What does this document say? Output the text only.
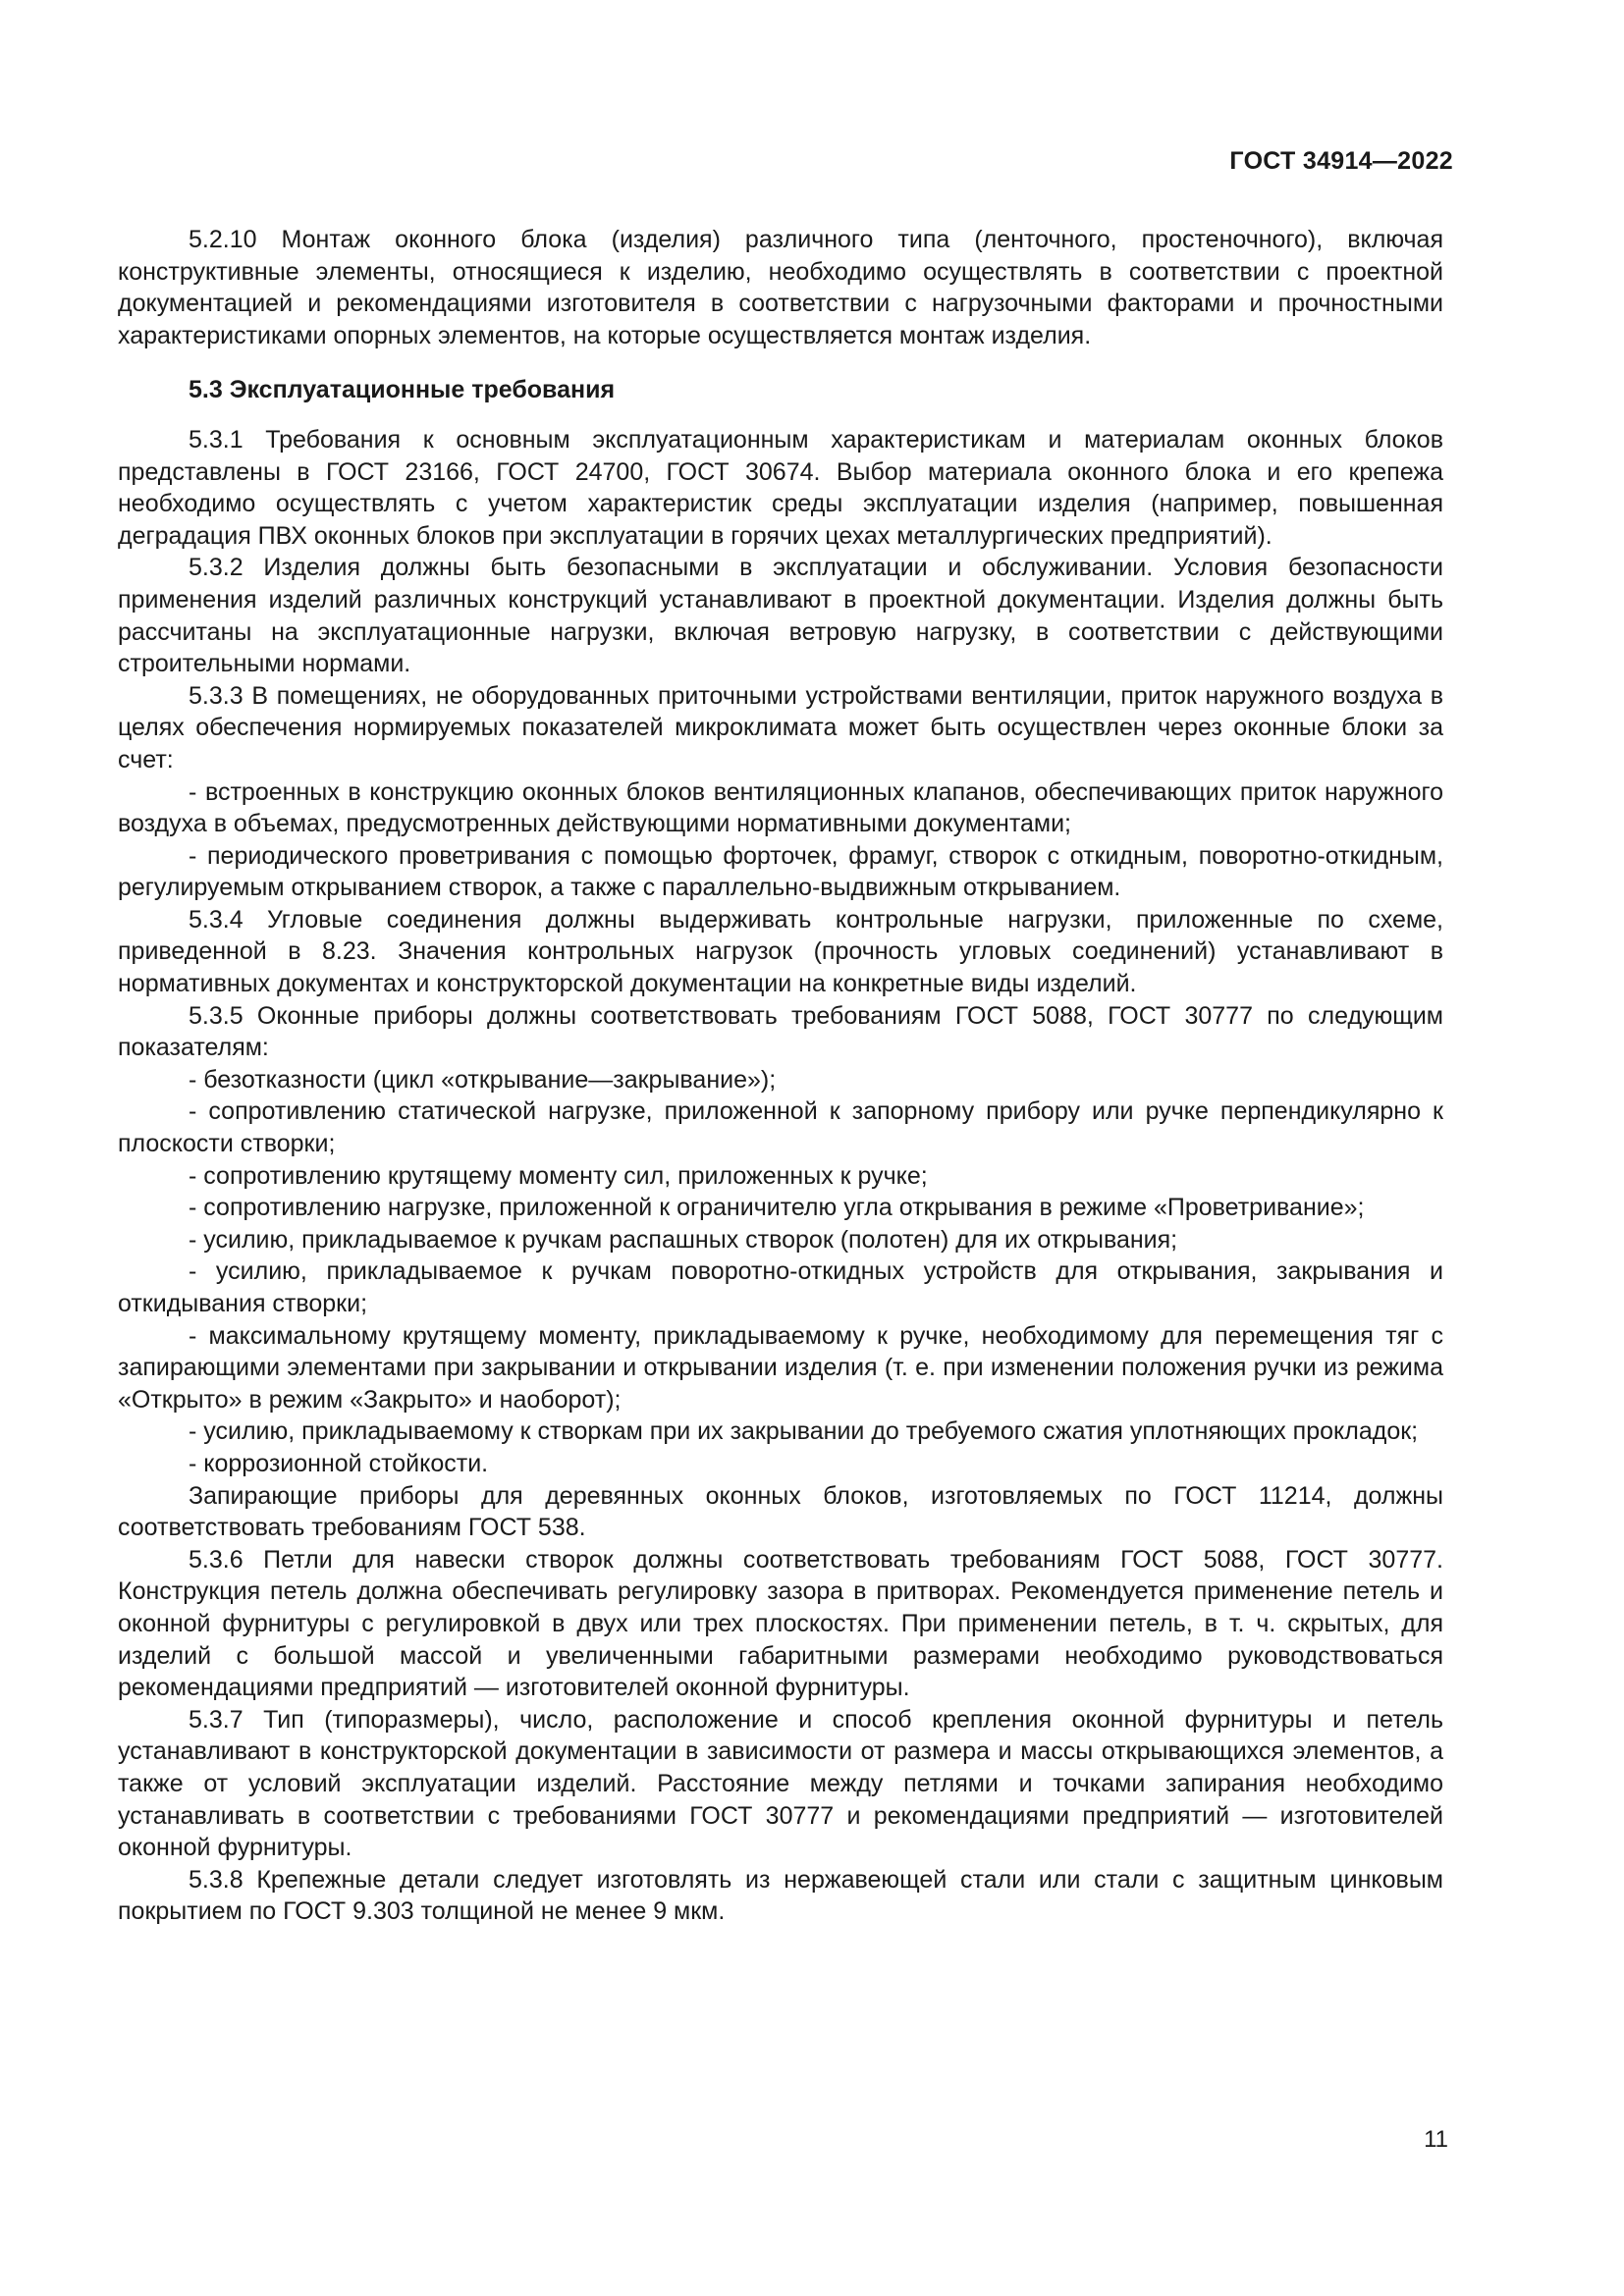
ГОСТ 34914—2022

5.2.10 Монтаж оконного блока (изделия) различного типа (ленточного, простеночного), включая конструктивные элементы, относящиеся к изделию, необходимо осуществлять в соответствии с проектной документацией и рекомендациями изготовителя в соответствии с нагрузочными факторами и прочностными характеристиками опорных элементов, на которые осуществляется монтаж изделия.

5.3 Эксплуатационные требования

5.3.1 Требования к основным эксплуатационным характеристикам и материалам оконных блоков представлены в ГОСТ 23166, ГОСТ 24700, ГОСТ 30674. Выбор материала оконного блока и его крепежа необходимо осуществлять с учетом характеристик среды эксплуатации изделия (например, повышенная деградация ПВХ оконных блоков при эксплуатации в горячих цехах металлургических предприятий).

5.3.2 Изделия должны быть безопасными в эксплуатации и обслуживании. Условия безопасности применения изделий различных конструкций устанавливают в проектной документации. Изделия должны быть рассчитаны на эксплуатационные нагрузки, включая ветровую нагрузку, в соответствии с действующими строительными нормами.

5.3.3 В помещениях, не оборудованных приточными устройствами вентиляции, приток наружного воздуха в целях обеспечения нормируемых показателей микроклимата может быть осуществлен через оконные блоки за счет:

- встроенных в конструкцию оконных блоков вентиляционных клапанов, обеспечивающих приток наружного воздуха в объемах, предусмотренных действующими нормативными документами;

- периодического проветривания с помощью форточек, фрамуг, створок с откидным, поворотно-откидным, регулируемым открыванием створок, а также с параллельно-выдвижным открыванием.

5.3.4 Угловые соединения должны выдерживать контрольные нагрузки, приложенные по схеме, приведенной в 8.23. Значения контрольных нагрузок (прочность угловых соединений) устанавливают в нормативных документах и конструкторской документации на конкретные виды изделий.

5.3.5 Оконные приборы должны соответствовать требованиям ГОСТ 5088, ГОСТ 30777 по следующим показателям:

- безотказности (цикл «открывание—закрывание»);

- сопротивлению статической нагрузке, приложенной к запорному прибору или ручке перпендикулярно к плоскости створки;

- сопротивлению крутящему моменту сил, приложенных к ручке;

- сопротивлению нагрузке, приложенной к ограничителю угла открывания в режиме «Проветривание»;

- усилию, прикладываемое к ручкам распашных створок (полотен) для их открывания;

- усилию, прикладываемое к ручкам поворотно-откидных устройств для открывания, закрывания и откидывания створки;

- максимальному крутящему моменту, прикладываемому к ручке, необходимому для перемещения тяг с запирающими элементами при закрывании и открывании изделия (т. е. при изменении положения ручки из режима «Открыто» в режим «Закрыто» и наоборот);

- усилию, прикладываемому к створкам при их закрывании до требуемого сжатия уплотняющих прокладок;

- коррозионной стойкости.

Запирающие приборы для деревянных оконных блоков, изготовляемых по ГОСТ 11214, должны соответствовать требованиям ГОСТ 538.

5.3.6 Петли для навески створок должны соответствовать требованиям ГОСТ 5088, ГОСТ 30777. Конструкция петель должна обеспечивать регулировку зазора в притворах. Рекомендуется применение петель и оконной фурнитуры с регулировкой в двух или трех плоскостях. При применении петель, в т. ч. скрытых, для изделий с большой массой и увеличенными габаритными размерами необходимо руководствоваться рекомендациями предприятий — изготовителей оконной фурнитуры.

5.3.7 Тип (типоразмеры), число, расположение и способ крепления оконной фурнитуры и петель устанавливают в конструкторской документации в зависимости от размера и массы открывающихся элементов, а также от условий эксплуатации изделий. Расстояние между петлями и точками запирания необходимо устанавливать в соответствии с требованиями ГОСТ 30777 и рекомендациями предприятий — изготовителей оконной фурнитуры.

5.3.8 Крепежные детали следует изготовлять из нержавеющей стали или стали с защитным цинковым покрытием по ГОСТ 9.303 толщиной не менее 9 мкм.

11
